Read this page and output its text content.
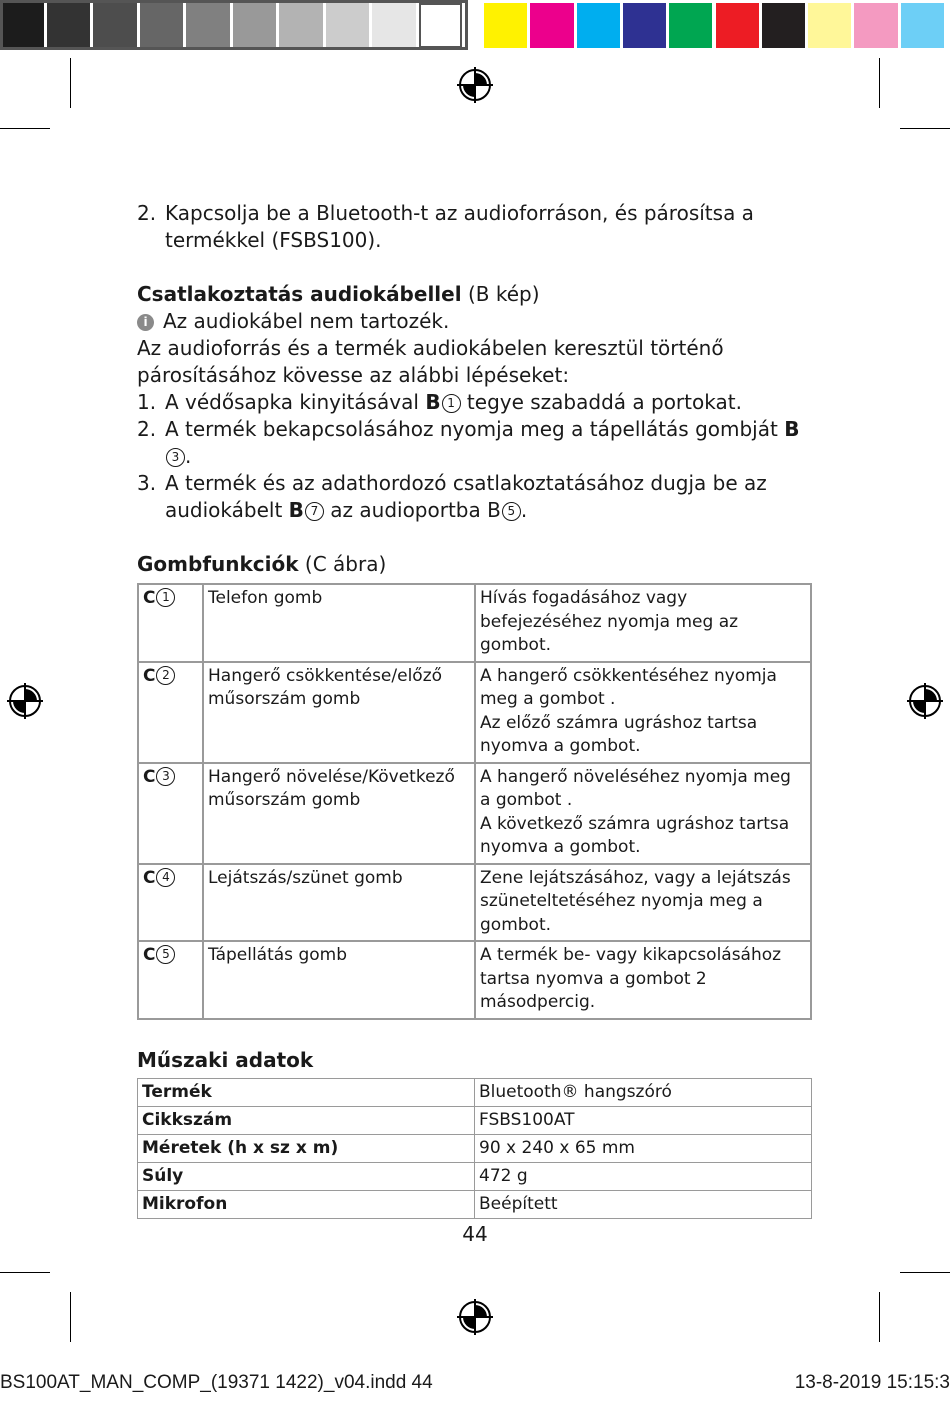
2. Kapcsolja be a Bluetooth-t az audioforráson, és párosítsa a termékkel (FSBS100).
Csatlakoztatás audiokábellel (B kép)
i Az audiokábel nem tartozék.
Az audioforrás és a termék audiokábelen keresztül történő párosításához kövesse az alábbi lépéseket:
1. A védősapka kinyitásával B 1 tegye szabaddá a portokat.
2. A termék bekapcsolásához nyomja meg a tápellátás gombját B3 .
3. A termék és az adathordozó csatlakoztatásához dugja be az audiokábelt B 7 az audioportba B 5 .
Gombfunkciók (C ábra)
C 1	Telefon gomb	Hívás fogadásához vagy befejezéséhez nyomja meg az gombot.

C 2	Hangerő csökkentése/előző műsorszám gomb	A hangerő csökkentéséhez nyomja meg a gombot .
Az előző számra ugráshoz tartsa nyomva a gombot.

C 3	Hangerő növelése/Következő műsorszám gomb	A hangerő növeléséhez nyomja meg a gombot .
A következő számra ugráshoz tartsa nyomva a gombot.

C 4	Lejátszás/szünet gomb	Zene lejátszásához, vagy a lejátszás szüneteltetéséhez nyomja meg a gombot.

C 5	Tápellátás gomb	A termék be- vagy kikapcsolásához tartsa nyomva a gombot 2 másodpercig.
Műszaki adatok
Termék	Bluetooth® hangszóró
Cikkszám	FSBS100AT
Méretek (h x sz x m)	90 x 240 x 65 mm
Súly	472 g
Mikrofon	Beépített
44
BS100AT_MAN_COMP_(19371 1422)_v04.indd 44	13-8-2019 15:15:3
